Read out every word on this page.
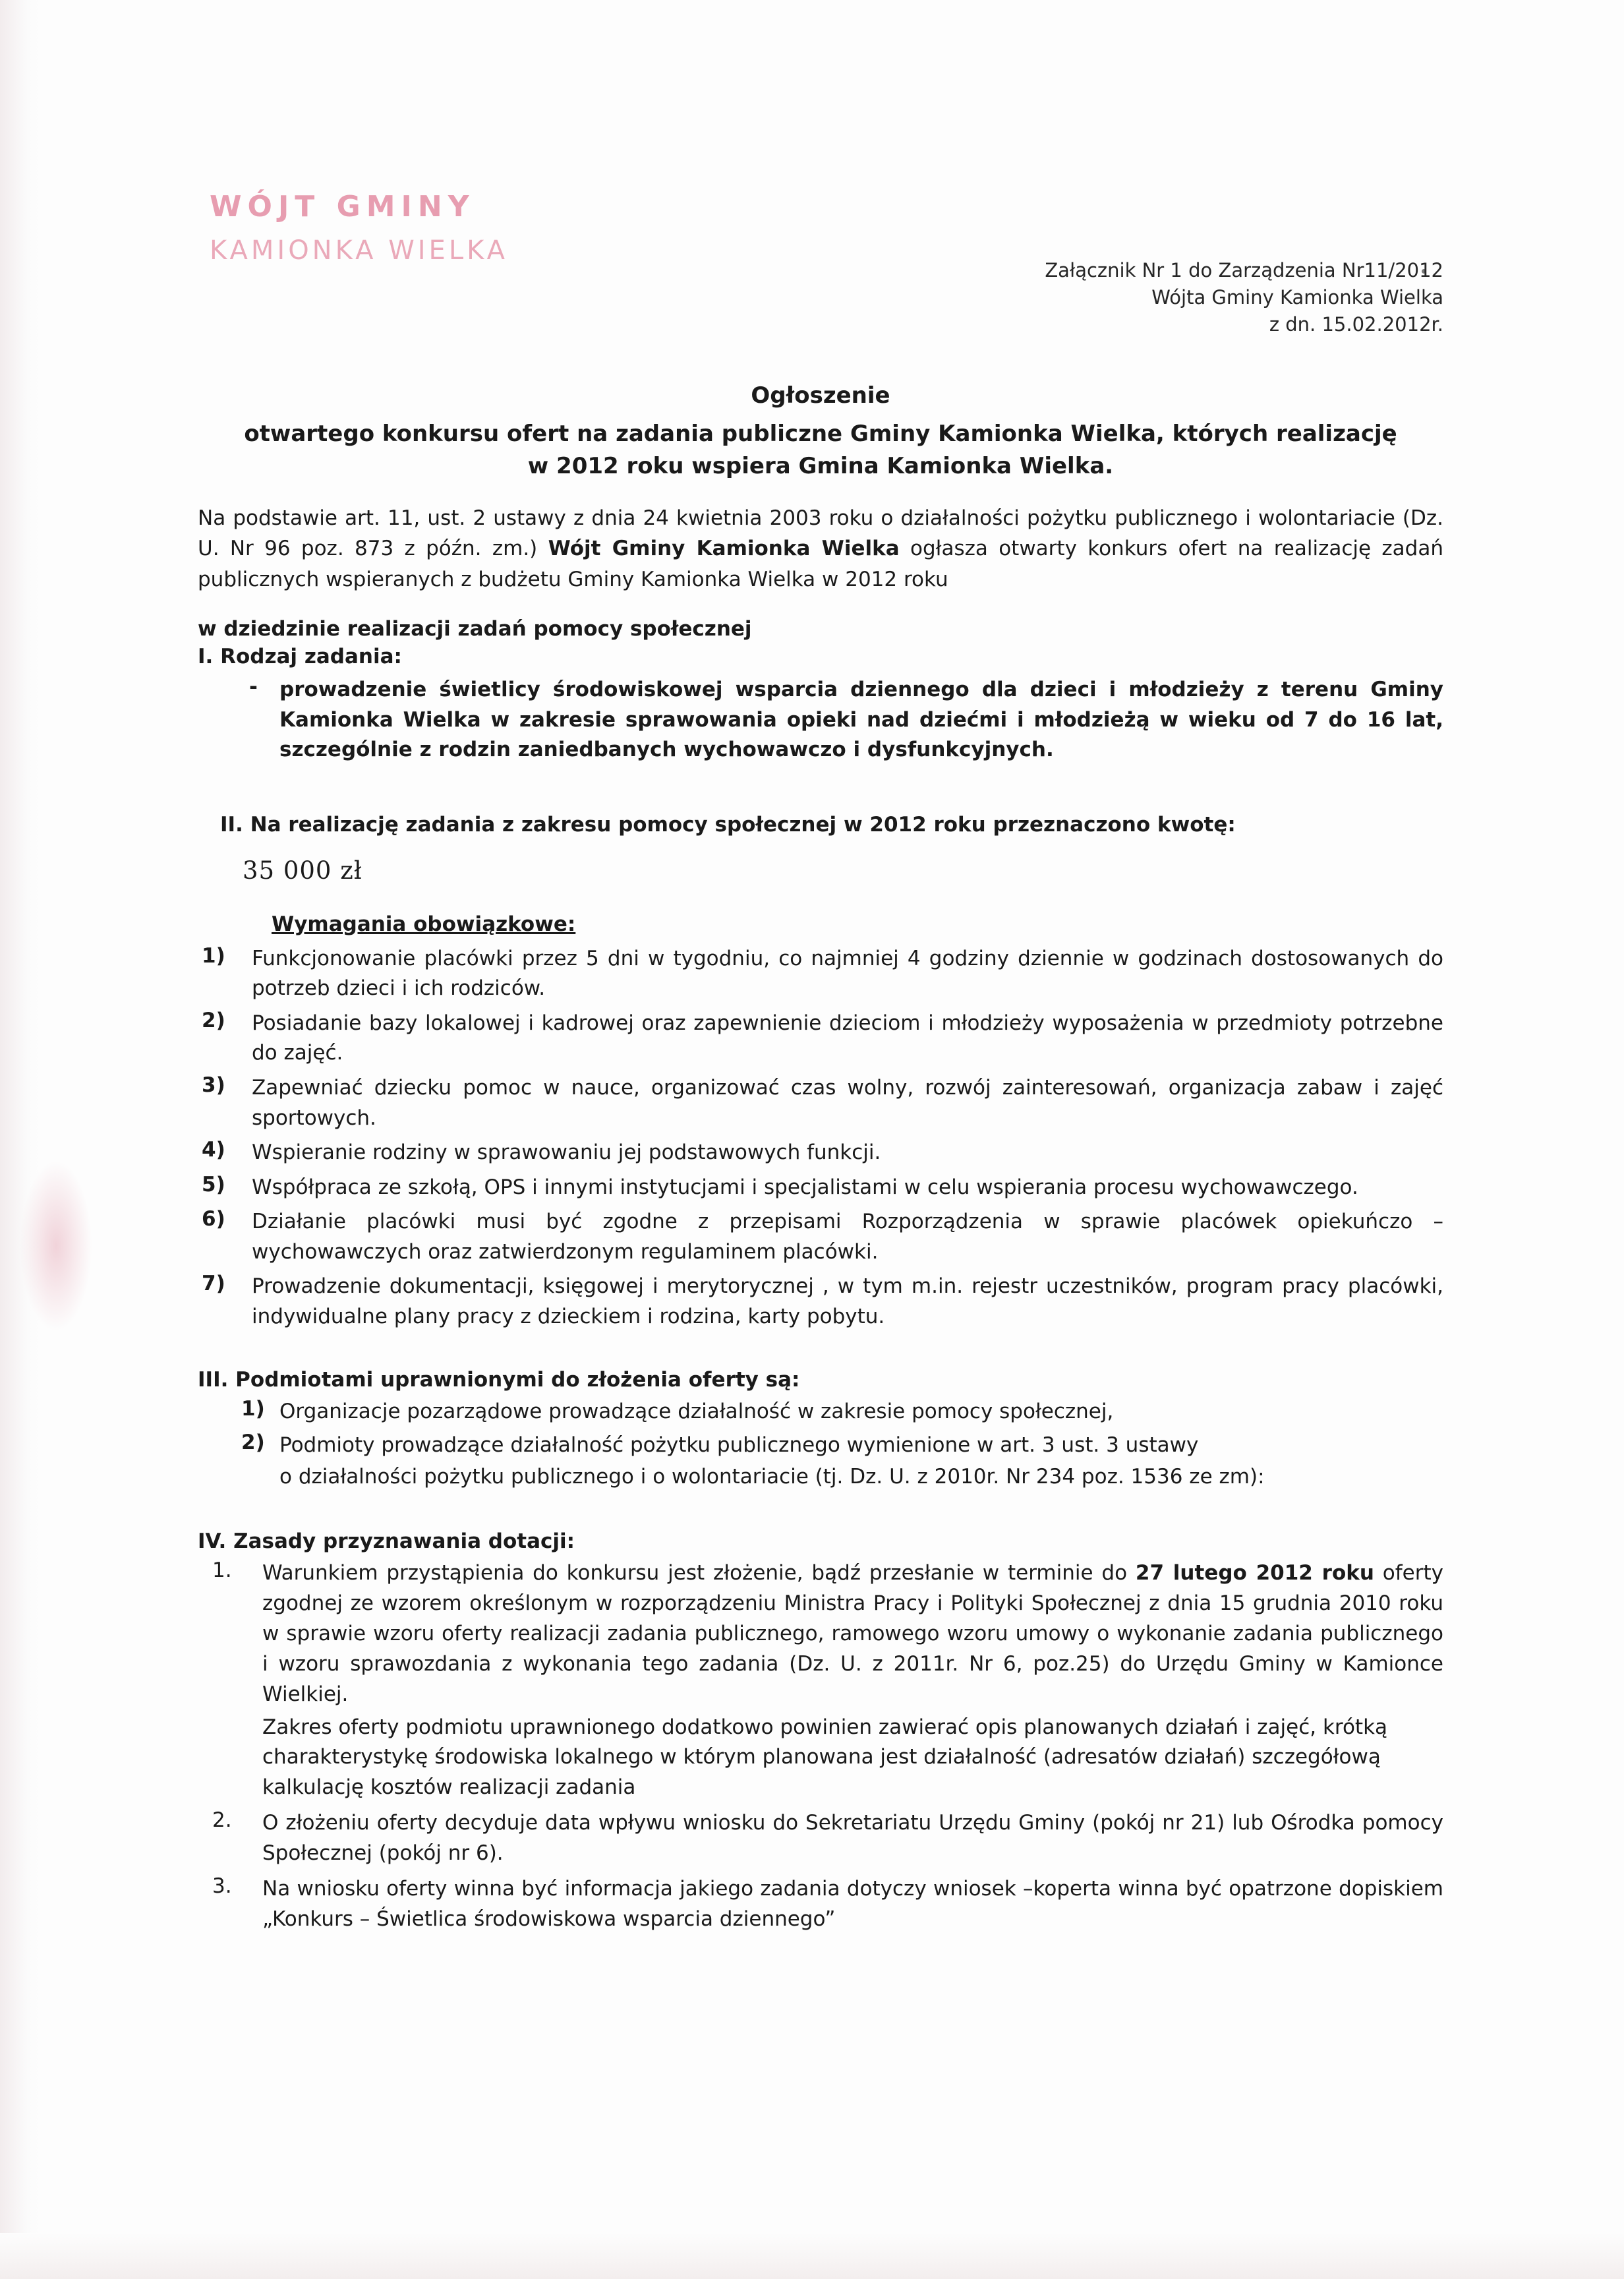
WÓJT GMINY
KAMIONKA WIELKA
Załącznik Nr 1 do Zarządzenia Nr11/2012
Wójta Gminy Kamionka Wielka
z dn. 15.02.2012r.
Ogłoszenie
otwartego konkursu ofert na zadania publiczne Gminy Kamionka Wielka, których realizację w 2012 roku wspiera Gmina Kamionka Wielka.

Na podstawie art. 11, ust. 2 ustawy z dnia 24 kwietnia 2003 roku o działalności pożytku publicznego i wolontariacie (Dz. U. Nr 96 poz. 873 z późn. zm.) Wójt Gminy Kamionka Wielka ogłasza otwarty konkurs ofert na realizację zadań publicznych wspieranych z budżetu Gminy Kamionka Wielka w 2012 roku

w dziedzinie realizacji zadań pomocy społecznej
I. Rodzaj zadania:
-	prowadzenie świetlicy środowiskowej wsparcia dziennego dla dzieci i młodzieży z terenu Gminy Kamionka Wielka w zakresie sprawowania opieki nad dziećmi i młodzieżą w wieku od 7 do 16 lat, szczególnie z rodzin zaniedbanych wychowawczo i dysfunkcyjnych.
II. Na realizację zadania z zakresu pomocy społecznej w 2012 roku przeznaczono kwotę:
35 000 zł
Wymagania obowiązkowe:
1)	Funkcjonowanie placówki przez 5 dni w tygodniu, co najmniej 4 godziny dziennie w godzinach dostosowanych do potrzeb dzieci i ich rodziców.
2)	Posiadanie bazy lokalowej i kadrowej oraz zapewnienie dzieciom i młodzieży wyposażenia w przedmioty potrzebne do zajęć.
3)	Zapewniać dziecku pomoc w nauce, organizować czas wolny, rozwój zainteresowań, organizacja zabaw i zajęć sportowych.
4)	Wspieranie rodziny w sprawowaniu jej podstawowych funkcji.
5)	Współpraca ze szkołą, OPS i innymi instytucjami i specjalistami w celu wspierania procesu wychowawczego.
6)	Działanie placówki musi być zgodne z przepisami Rozporządzenia w sprawie placówek opiekuńczo – wychowawczych oraz zatwierdzonym regulaminem placówki.
7)	Prowadzenie dokumentacji, księgowej i merytorycznej , w tym m.in. rejestr uczestników, program pracy placówki, indywidualne plany pracy z dzieckiem i rodzina, karty pobytu.
III. Podmiotami uprawnionymi do złożenia oferty są:
1) Organizacje pozarządowe prowadzące działalność w zakresie pomocy społecznej,
2) Podmioty prowadzące działalność pożytku publicznego wymienione w art. 3 ust. 3 ustawy
o działalności pożytku publicznego i o wolontariacie (tj. Dz. U. z 2010r. Nr 234 poz. 1536 ze zm):
IV. Zasady przyznawania dotacji:
1.	Warunkiem przystąpienia do konkursu jest złożenie, bądź przesłanie w terminie do 27 lutego 2012 roku oferty zgodnej ze wzorem określonym w rozporządzeniu Ministra Pracy i Polityki Społecznej z dnia 15 grudnia 2010 roku w sprawie wzoru oferty realizacji zadania publicznego, ramowego wzoru umowy o wykonanie zadania publicznego i wzoru sprawozdania z wykonania tego zadania (Dz. U. z 2011r. Nr 6, poz.25) do Urzędu Gminy w Kamionce Wielkiej.
Zakres oferty podmiotu uprawnionego dodatkowo powinien zawierać opis planowanych działań i zajęć, krótką charakterystykę środowiska lokalnego w którym planowana jest działalność (adresatów działań) szczegółową kalkulację kosztów realizacji zadania
2.	O złożeniu oferty decyduje data wpływu wniosku do Sekretariatu Urzędu Gminy (pokój nr 21) lub Ośrodka pomocy Społecznej (pokój nr 6).
3.	Na wniosku oferty winna być informacja jakiego zadania dotyczy wniosek –koperta winna być opatrzone dopiskiem „Konkurs – Świetlica środowiskowa wsparcia dziennego”
